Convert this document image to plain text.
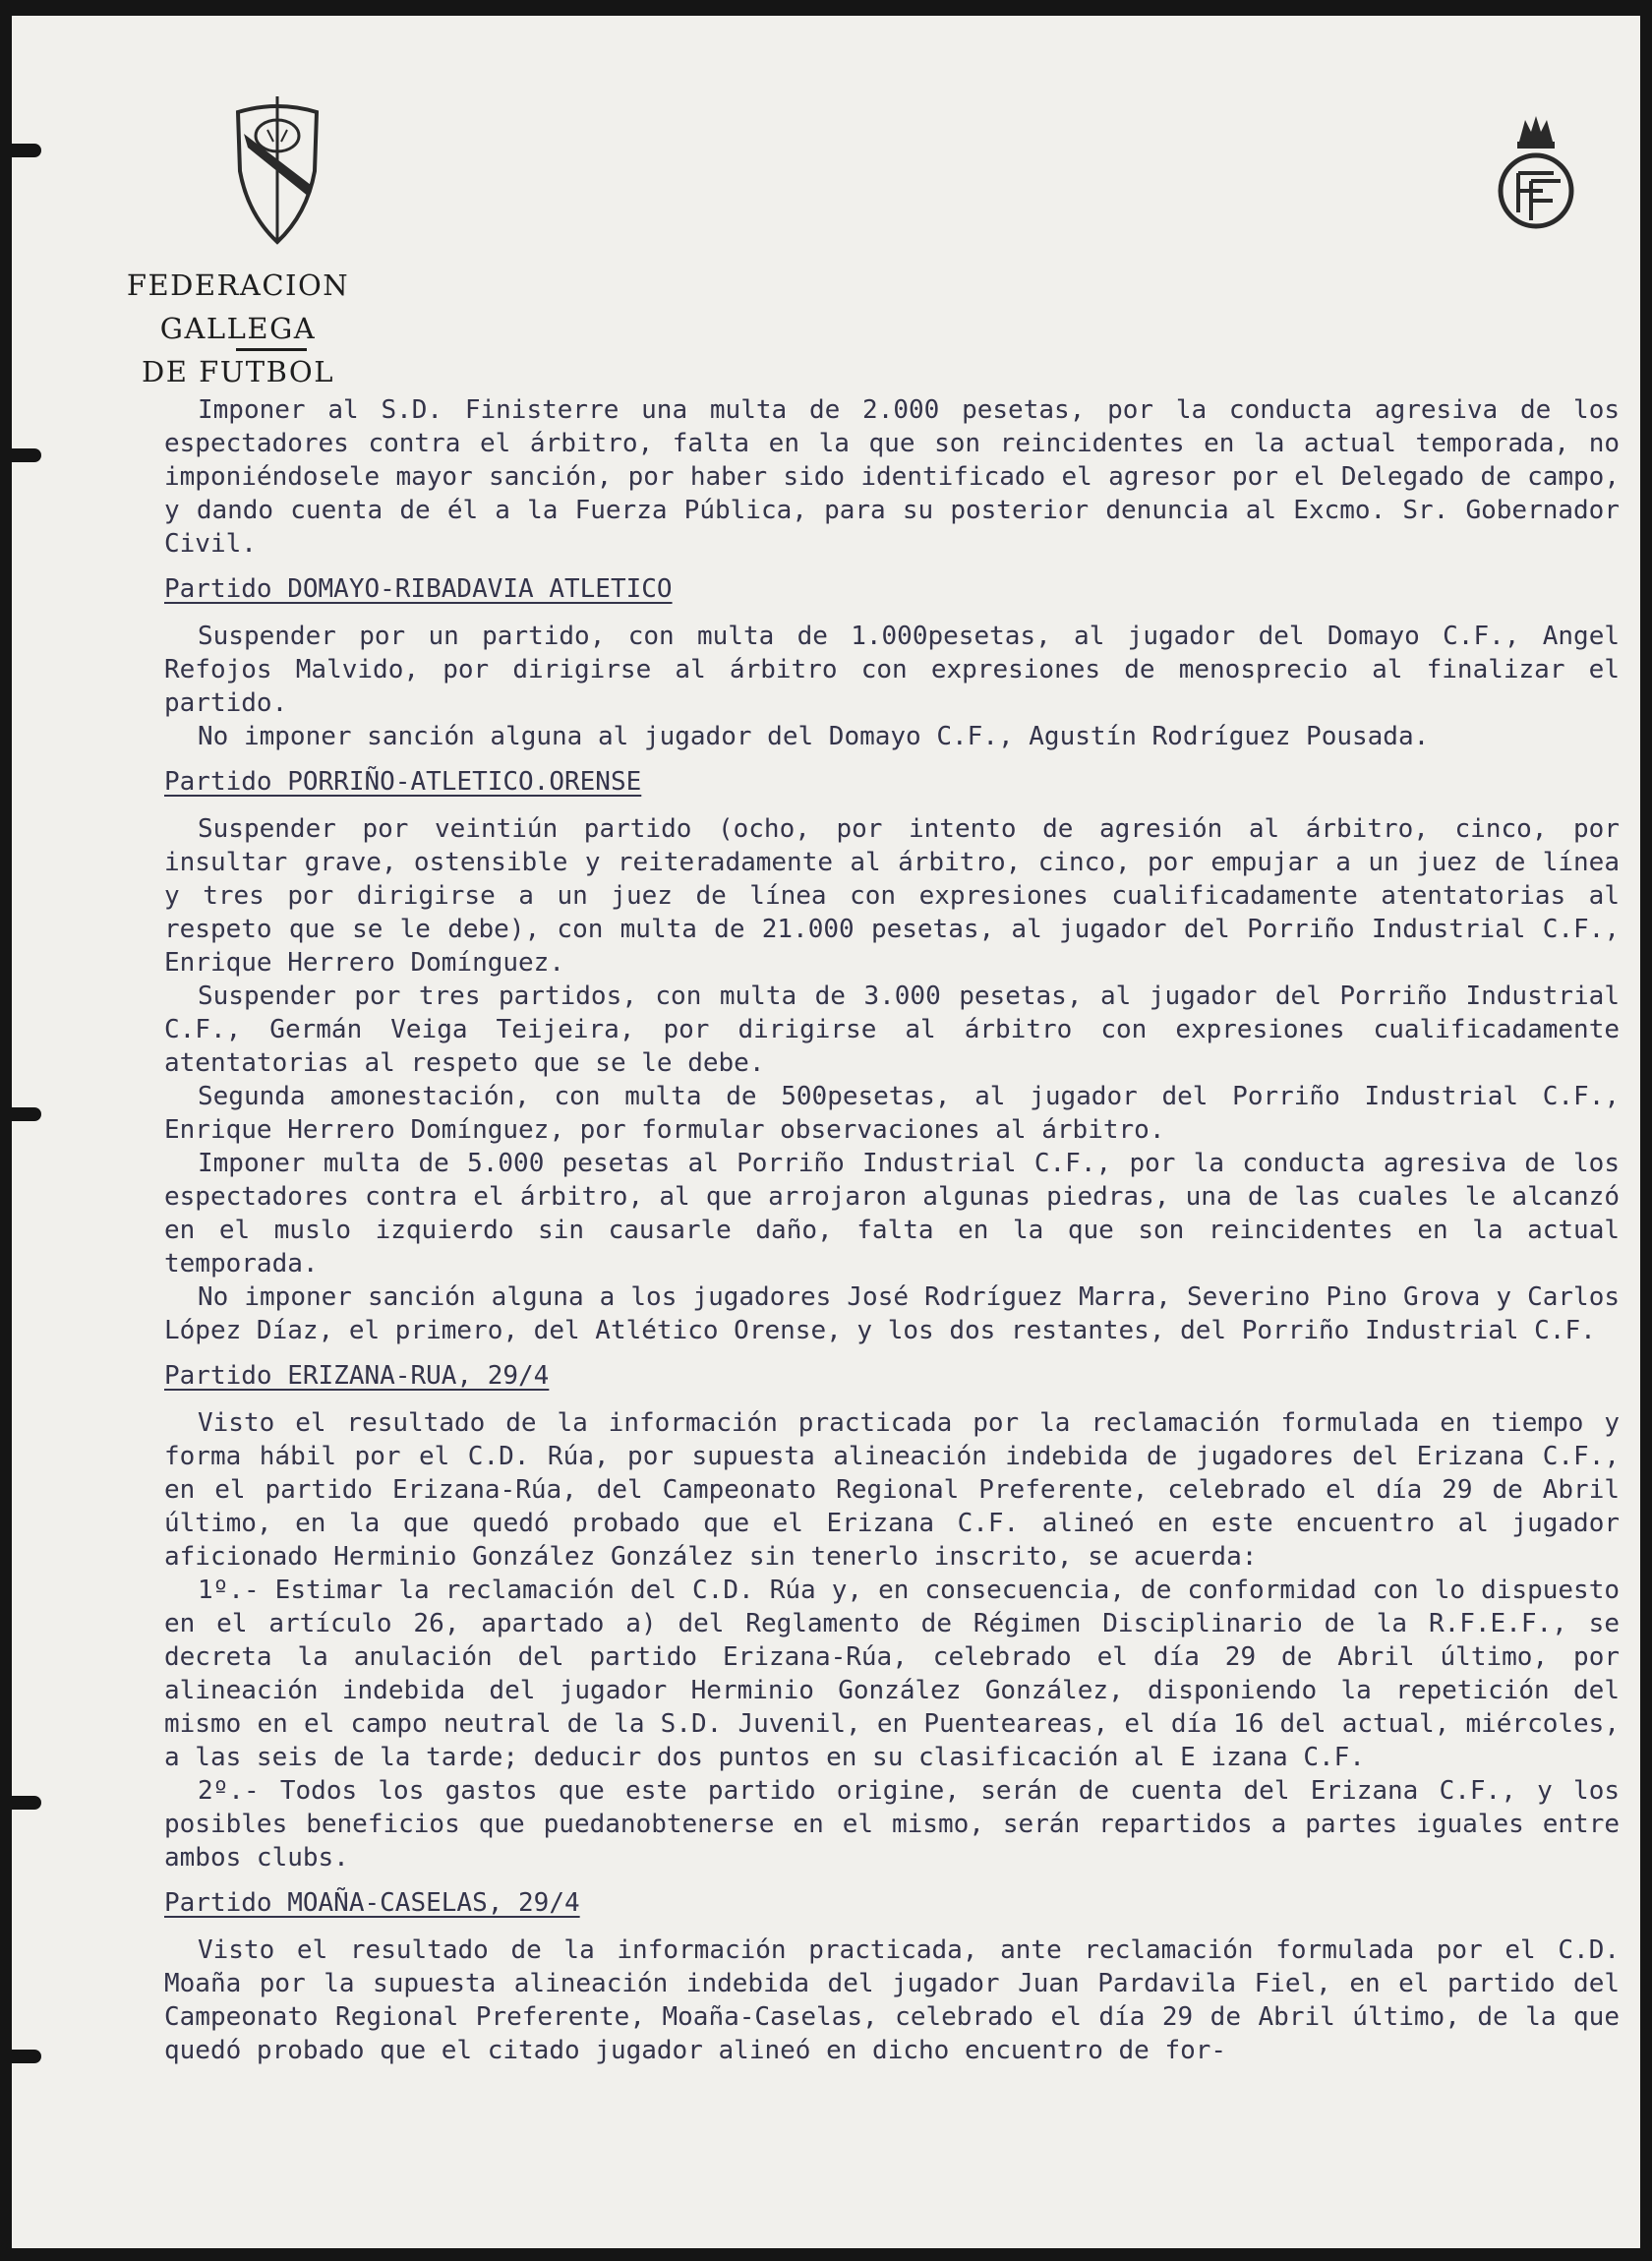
FEDERACION GALLEGA
DE FUTBOL

Imponer al S.D. Finisterre una multa de 2.000 pesetas, por la conducta agresiva de los espectadores contra el árbitro, falta en la que son reincidentes en la actual temporada, no imponiéndosele mayor sanción, por haber sido identificado el agresor por el Delegado de campo, y dando cuenta de él a la Fuerza Pública, para su posterior denuncia al Excmo. Sr. Gobernador Civil.

Partido DOMAYO-RIBADAVIA ATLETICO

Suspender por un partido, con multa de 1.000pesetas, al jugador del Domayo C.F., Angel Refojos Malvido, por dirigirse al árbitro con expresiones de menosprecio al finalizar el partido.

No imponer sanción alguna al jugador del Domayo C.F., Agustín Rodríguez Pousada.

Partido PORRIÑO-ATLETICO.ORENSE

Suspender por veintiún partido (ocho, por intento de agresión al árbitro, cinco, por insultar grave, ostensible y reiteradamente al árbitro, cinco, por empujar a un juez de línea y tres por dirigirse a un juez de línea con expresiones cualificadamente atentatorias al respeto que se le debe), con multa de 21.000 pesetas, al jugador del Porriño Industrial C.F., Enrique Herrero Domínguez.

Suspender por tres partidos, con multa de 3.000 pesetas, al jugador del Porriño Industrial C.F., Germán Veiga Teijeira, por dirigirse al árbitro con expresiones cualificadamente atentatorias al respeto que se le debe.

Segunda amonestación, con multa de 500pesetas, al jugador del Porriño Industrial C.F., Enrique Herrero Domínguez, por formular observaciones al árbitro.

Imponer multa de 5.000 pesetas al Porriño Industrial C.F., por la conducta agresiva de los espectadores contra el árbitro, al que arrojaron algunas piedras, una de las cuales le alcanzó en el muslo izquierdo sin causarle daño, falta en la que son reincidentes en la actual temporada.

No imponer sanción alguna a los jugadores José Rodríguez Marra, Severino Pino Grova y Carlos López Díaz, el primero, del Atlético Orense, y los dos restantes, del Porriño Industrial C.F.

Partido ERIZANA-RUA, 29/4

Visto el resultado de la información practicada por la reclamación formulada en tiempo y forma hábil por el C.D. Rúa, por supuesta alineación indebida de jugadores del Erizana C.F., en el partido Erizana-Rúa, del Campeonato Regional Preferente, celebrado el día 29 de Abril último, en la que quedó probado que el Erizana C.F. alineó en este encuentro al jugador aficionado Herminio González González sin tenerlo inscrito, se acuerda:

1º.- Estimar la reclamación del C.D. Rúa y, en consecuencia, de conformidad con lo dispuesto en el artículo 26, apartado a) del Reglamento de Régimen Disciplinario de la R.F.E.F., se decreta la anulación del partido Erizana-Rúa, celebrado el día 29 de Abril último, por alineación indebida del jugador Herminio González González, disponiendo la repetición del mismo en el campo neutral de la S.D. Juvenil, en Puenteareas, el día 16 del actual, miércoles, a las seis de la tarde; deducir dos puntos en su clasificación al E izana C.F.

2º.- Todos los gastos que este partido origine, serán de cuenta del Erizana C.F., y los posibles beneficios que puedanobtenerse en el mismo, serán repartidos a partes iguales entre ambos clubs.

Partido MOAÑA-CASELAS, 29/4

Visto el resultado de la información practicada, ante reclamación formulada por el C.D. Moaña por la supuesta alineación indebida del jugador Juan Pardavila Fiel, en el partido del Campeonato Regional Preferente, Moaña-Caselas, celebrado el día 29 de Abril último, de la que quedó probado que el citado jugador alineó en dicho encuentro de for-
